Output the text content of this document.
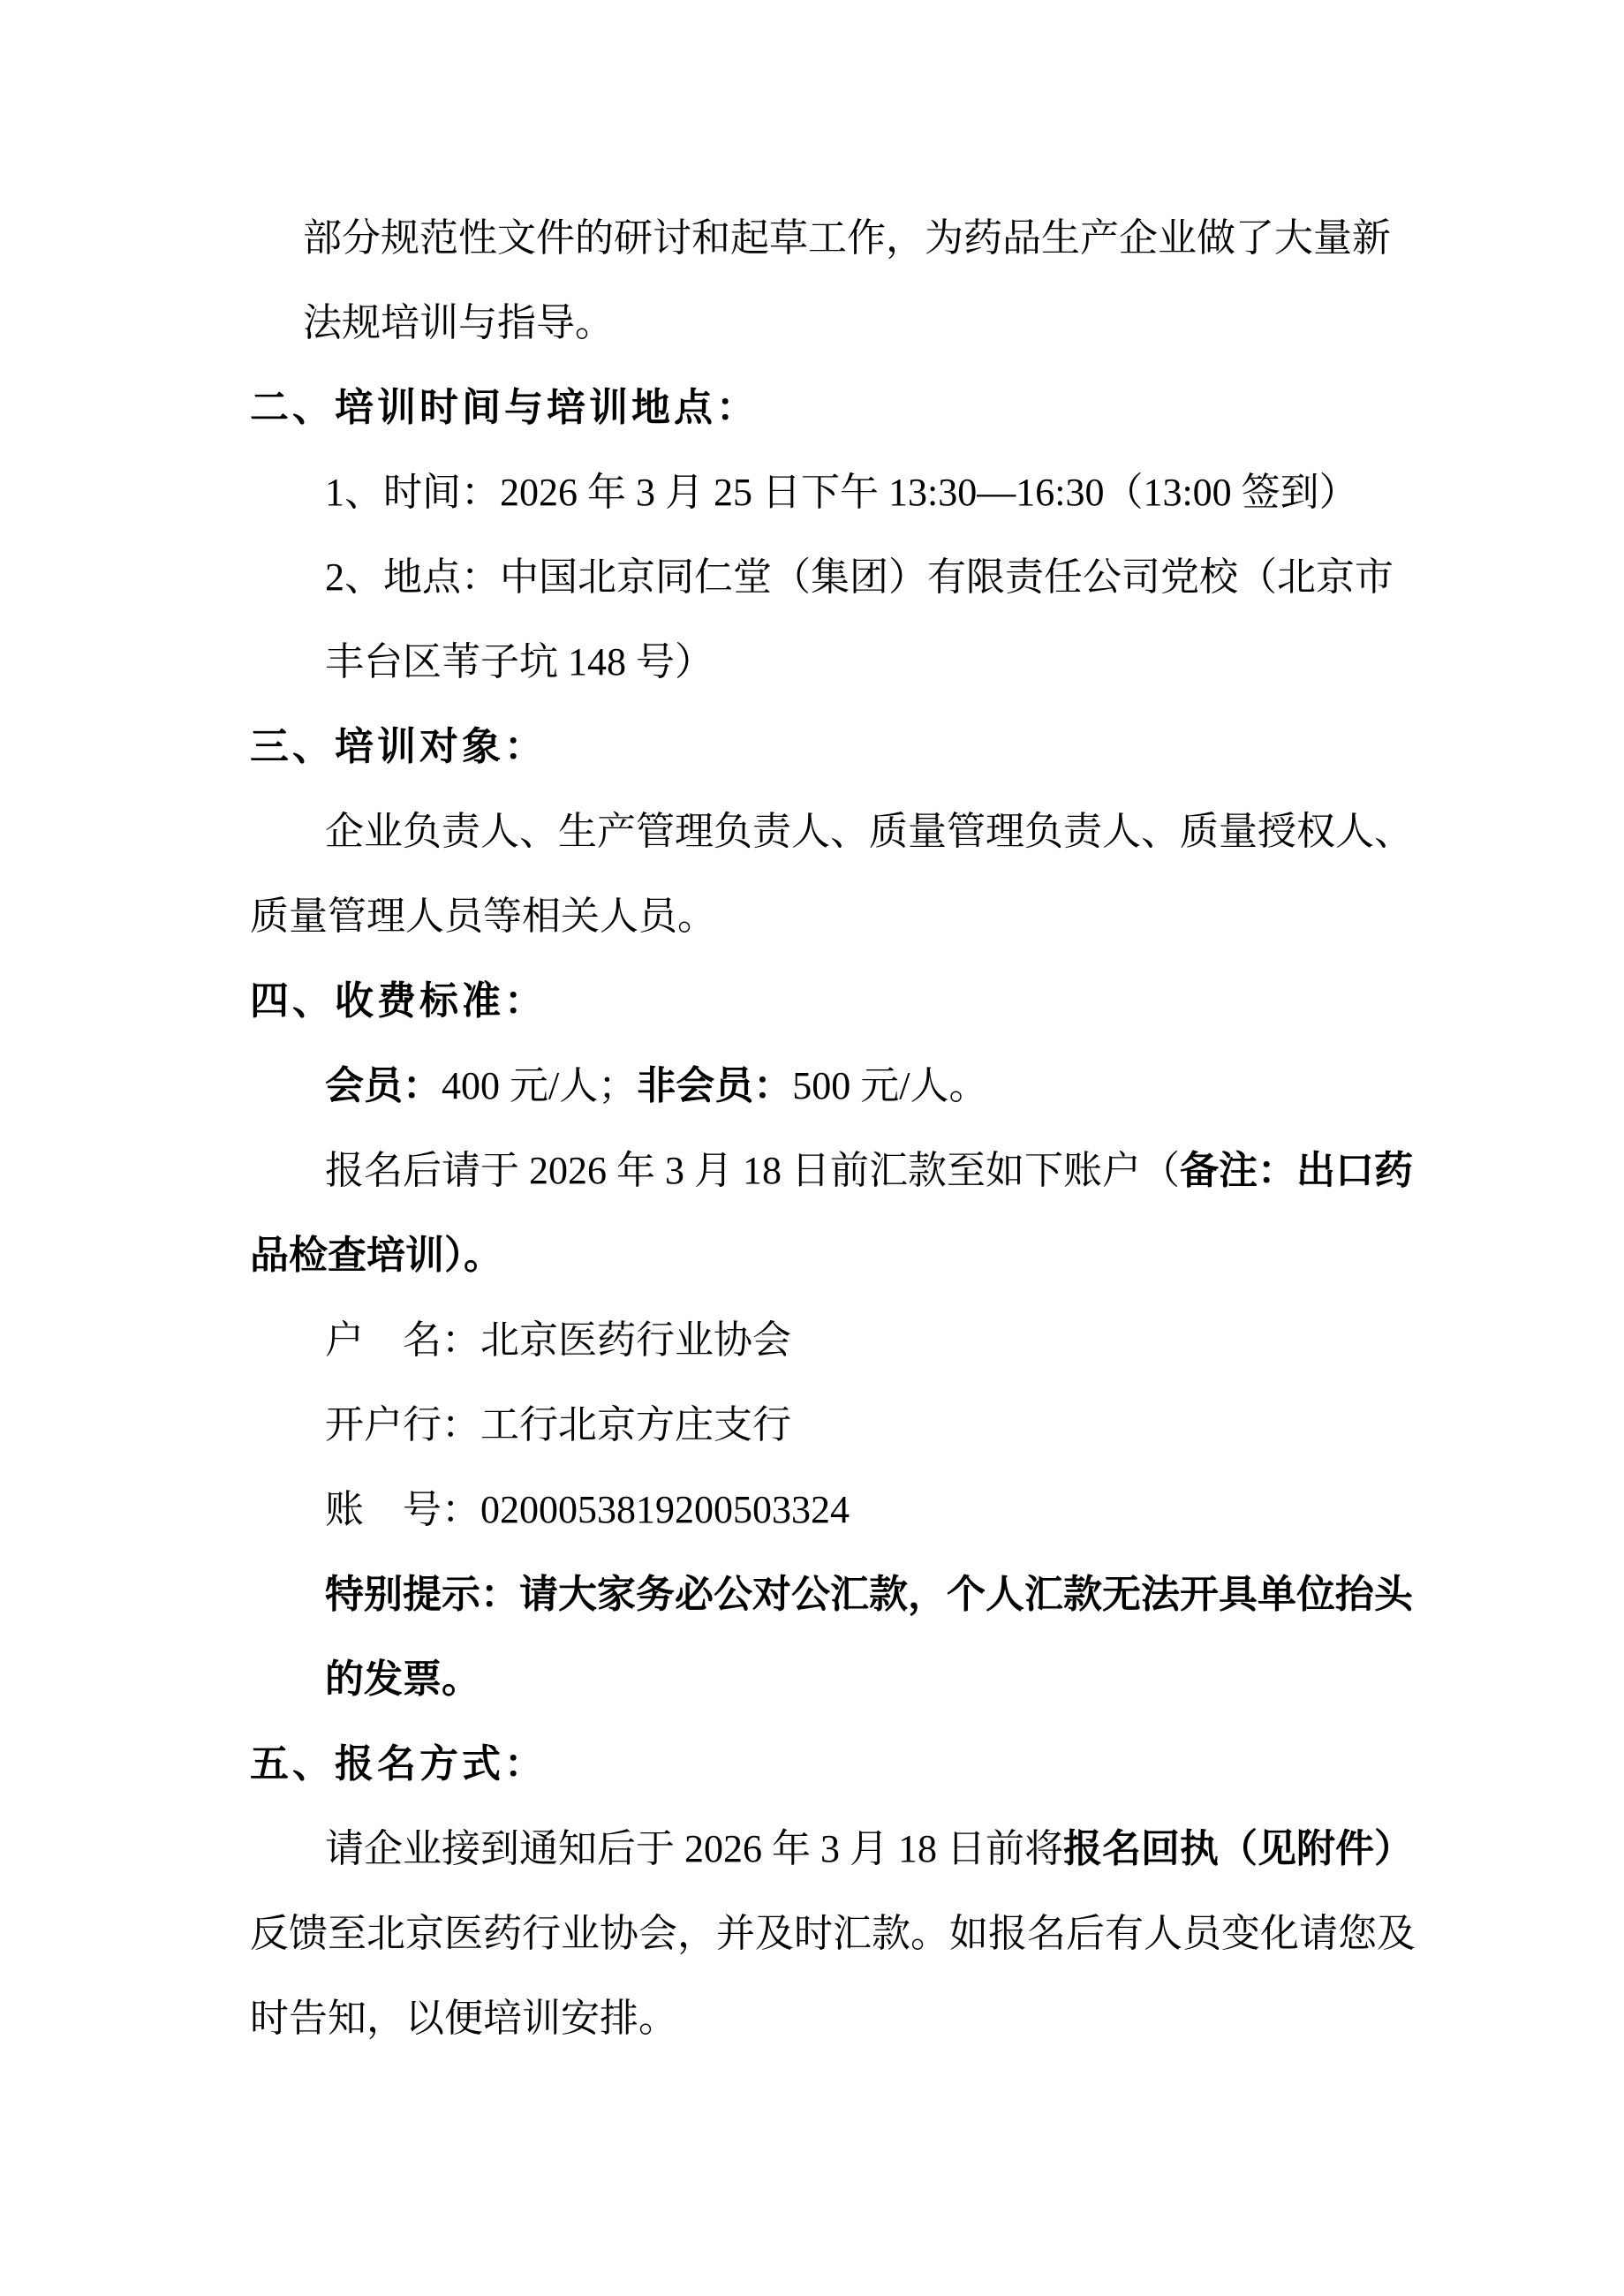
部分规范性文件的研讨和起草工作，为药品生产企业做了大量新
法规培训与指导。
二、培训时间与培训地点：
1、时间：2026 年 3 月 25 日下午 13:30—16:30（13:00 签到）
2、地点：中国北京同仁堂（集团）有限责任公司党校（北京市
丰台区苇子坑 148 号）
三、培训对象：
企业负责人、生产管理负责人、质量管理负责人、质量授权人、
质量管理人员等相关人员。
四、收费标准：
会员：400 元/人；非会员：500 元/人。
报名后请于 2026 年 3 月 18 日前汇款至如下账户（备注：出口药
品检查培训）。
户　名：北京医药行业协会
开户行：工行北京方庄支行
账　号：0200053819200503324
特别提示：请大家务必公对公汇款，个人汇款无法开具单位抬头
的发票。
五、报名方式：
请企业接到通知后于 2026 年 3 月 18 日前将报名回执（见附件）
反馈至北京医药行业协会，并及时汇款。如报名后有人员变化请您及
时告知，以便培训安排。
